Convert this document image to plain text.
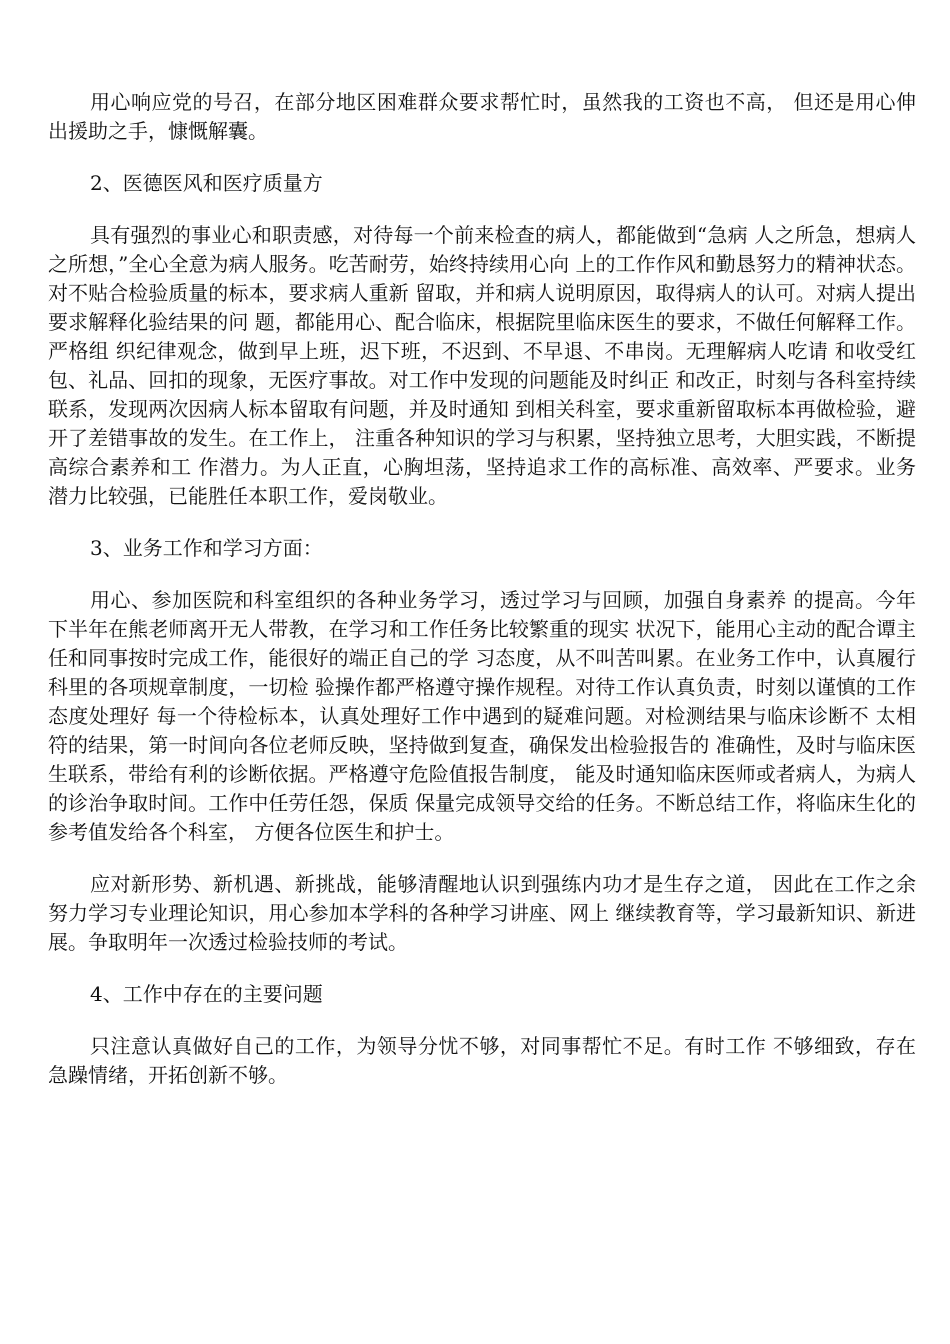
用心响应党的号召，在部分地区困难群众要求帮忙时，虽然我的工资也不高， 但还是用心伸出援助之手，慷慨解囊。

2、医德医风和医疗质量方

具有强烈的事业心和职责感，对待每一个前来检查的病人，都能做到“急病 人之所急，想病人之所想，”全心全意为病人服务。吃苦耐劳，始终持续用心向 上的工作作风和勤恳努力的精神状态。对不贴合检验质量的标本，要求病人重新 留取，并和病人说明原因，取得病人的认可。对病人提出要求解释化验结果的问 题，都能用心、配合临床，根据院里临床医生的要求，不做任何解释工作。严格组 织纪律观念，做到早上班，迟下班，不迟到、不早退、不串岗。无理解病人吃请 和收受红包、礼品、回扣的现象，无医疗事故。对工作中发现的问题能及时纠正 和改正，时刻与各科室持续联系，发现两次因病人标本留取有问题，并及时通知 到相关科室，要求重新留取标本再做检验，避开了差错事故的发生。在工作上， 注重各种知识的学习与积累，坚持独立思考，大胆实践，不断提高综合素养和工 作潜力。为人正直，心胸坦荡，坚持追求工作的高标准、高效率、严要求。业务 潜力比较强，已能胜任本职工作，爱岗敬业。

3、业务工作和学习方面：

用心、参加医院和科室组织的各种业务学习，透过学习与回顾，加强自身素养 的提高。今年下半年在熊老师离开无人带教，在学习和工作任务比较繁重的现实 状况下，能用心主动的配合谭主任和同事按时完成工作，能很好的端正自己的学 习态度，从不叫苦叫累。在业务工作中，认真履行科里的各项规章制度，一切检 验操作都严格遵守操作规程。对待工作认真负责，时刻以谨慎的工作态度处理好 每一个待检标本，认真处理好工作中遇到的疑难问题。对检测结果与临床诊断不 太相符的结果，第一时间向各位老师反映，坚持做到复查，确保发出检验报告的 准确性，及时与临床医生联系，带给有利的诊断依据。严格遵守危险值报告制度， 能及时通知临床医师或者病人，为病人的诊治争取时间。工作中任劳任怨，保质 保量完成领导交给的任务。不断总结工作，将临床生化的参考值发给各个科室， 方便各位医生和护士。

应对新形势、新机遇、新挑战，能够清醒地认识到强练内功才是生存之道， 因此在工作之余努力学习专业理论知识，用心参加本学科的各种学习讲座、网上 继续教育等，学习最新知识、新进展。争取明年一次透过检验技师的考试。

4、工作中存在的主要问题

只注意认真做好自己的工作，为领导分忧不够，对同事帮忙不足。有时工作 不够细致，存在急躁情绪，开拓创新不够。
